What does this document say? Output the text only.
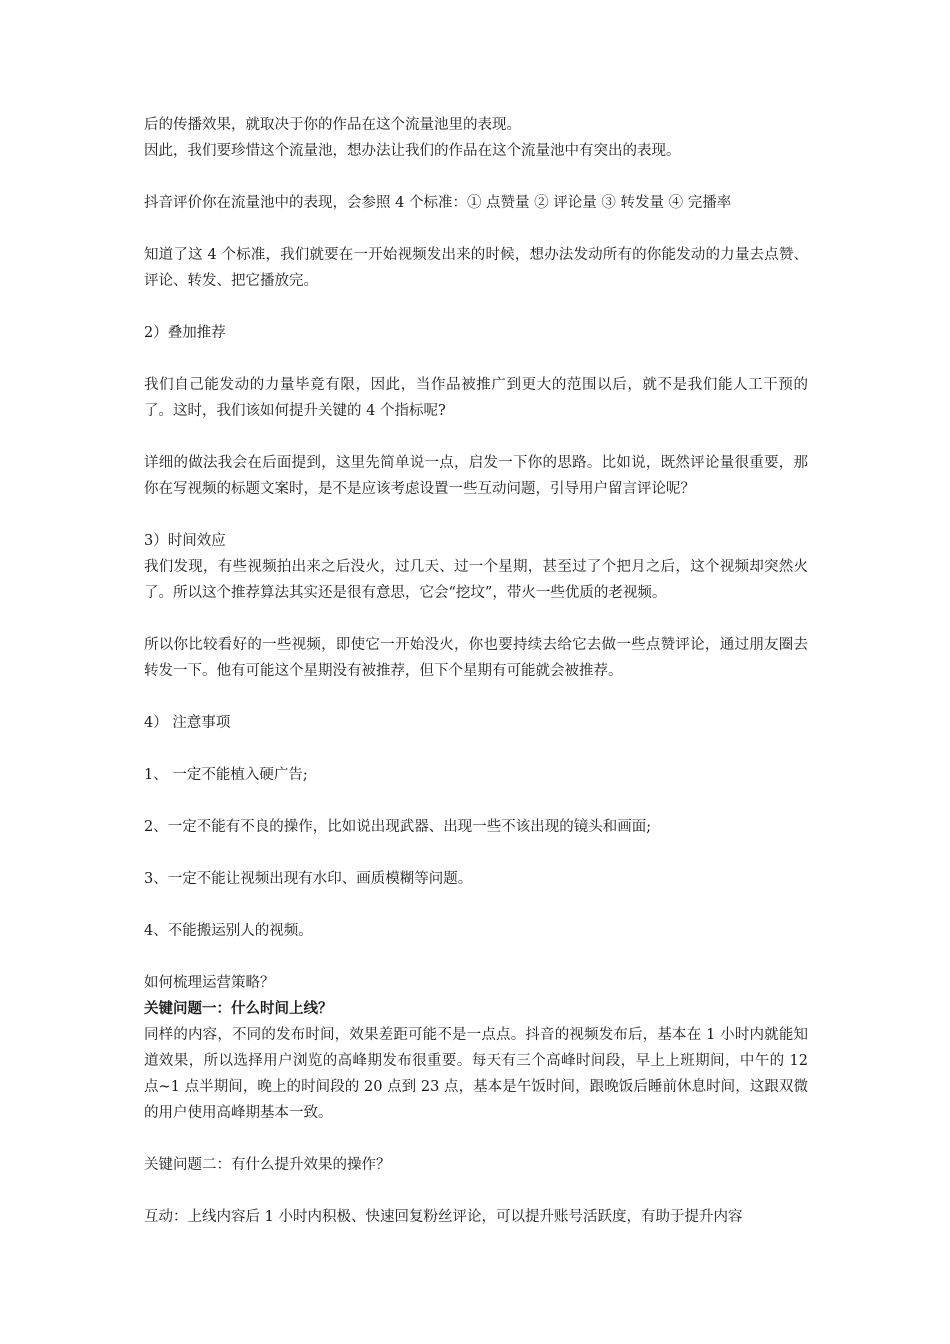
后的传播效果，就取决于你的作品在这个流量池里的表现。

因此，我们要珍惜这个流量池，想办法让我们的作品在这个流量池中有突出的表现。

抖音评价你在流量池中的表现，会参照 4 个标准：① 点赞量 ② 评论量 ③ 转发量 ④ 完播率

知道了这 4 个标准，我们就要在一开始视频发出来的时候，想办法发动所有的你能发动的力量去点赞、评论、转发、把它播放完。

2）叠加推荐

我们自己能发动的力量毕竟有限，因此，当作品被推广到更大的范围以后，就不是我们能人工干预的了。这时，我们该如何提升关键的 4 个指标呢?

详细的做法我会在后面提到，这里先简单说一点，启发一下你的思路。比如说，既然评论量很重要，那你在写视频的标题文案时，是不是应该考虑设置一些互动问题，引导用户留言评论呢？

3）时间效应

我们发现，有些视频拍出来之后没火，过几天、过一个星期，甚至过了个把月之后，这个视频却突然火了。所以这个推荐算法其实还是很有意思，它会“挖坟”，带火一些优质的老视频。

所以你比较看好的一些视频，即使它一开始没火，你也要持续去给它去做一些点赞评论，通过朋友圈去转发一下。他有可能这个星期没有被推荐，但下个星期有可能就会被推荐。

4） 注意事项

1、 一定不能植入硬广告;

2、一定不能有不良的操作，比如说出现武器、出现一些不该出现的镜头和画面;

3、一定不能让视频出现有水印、画质模糊等问题。

4、不能搬运别人的视频。

如何梳理运营策略？

关键问题一：什么时间上线？

同样的内容，不同的发布时间，效果差距可能不是一点点。抖音的视频发布后，基本在 1 小时内就能知道效果，所以选择用户浏览的高峰期发布很重要。每天有三个高峰时间段，早上上班期间，中午的 12 点~1 点半期间，晚上的时间段的 20 点到 23 点，基本是午饭时间，跟晚饭后睡前休息时间，这跟双微的用户使用高峰期基本一致。

关键问题二：有什么提升效果的操作？

互动：上线内容后 1 小时内积极、快速回复粉丝评论，可以提升账号活跃度，有助于提升内容
